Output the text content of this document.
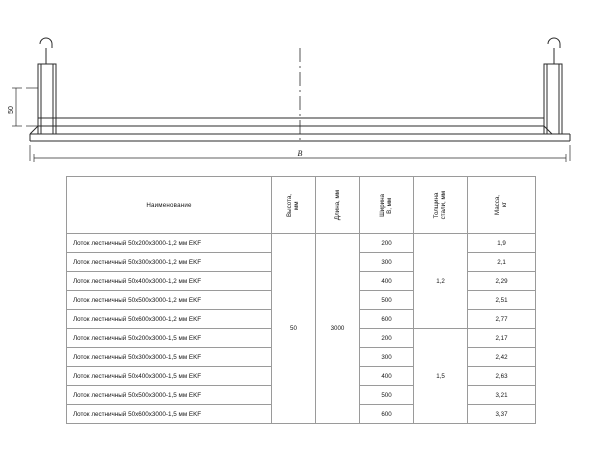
50
B
Наименование	Высота, мм	Длина, мм	Ширина B, мм	Толщина стали, мм	Масса, кг

Лоток лестничный 50x200x3000-1,2 мм EKF	50	3000	200	1,2	1,9
Лоток лестничный 50x300x3000-1,2 мм EKF			300		2,1
Лоток лестничный 50x400x3000-1,2 мм EKF			400		2,29
Лоток лестничный 50x500x3000-1,2 мм EKF			500		2,51
Лоток лестничный 50x600x3000-1,2 мм EKF			600		2,77
Лоток лестничный 50x200x3000-1,5 мм EKF			200	1,5	2,17
Лоток лестничный 50x300x3000-1,5 мм EKF			300		2,42
Лоток лестничный 50x400x3000-1,5 мм EKF			400		2,63
Лоток лестничный 50x500x3000-1,5 мм EKF			500		3,21
Лоток лестничный 50x600x3000-1,5 мм EKF			600		3,37
